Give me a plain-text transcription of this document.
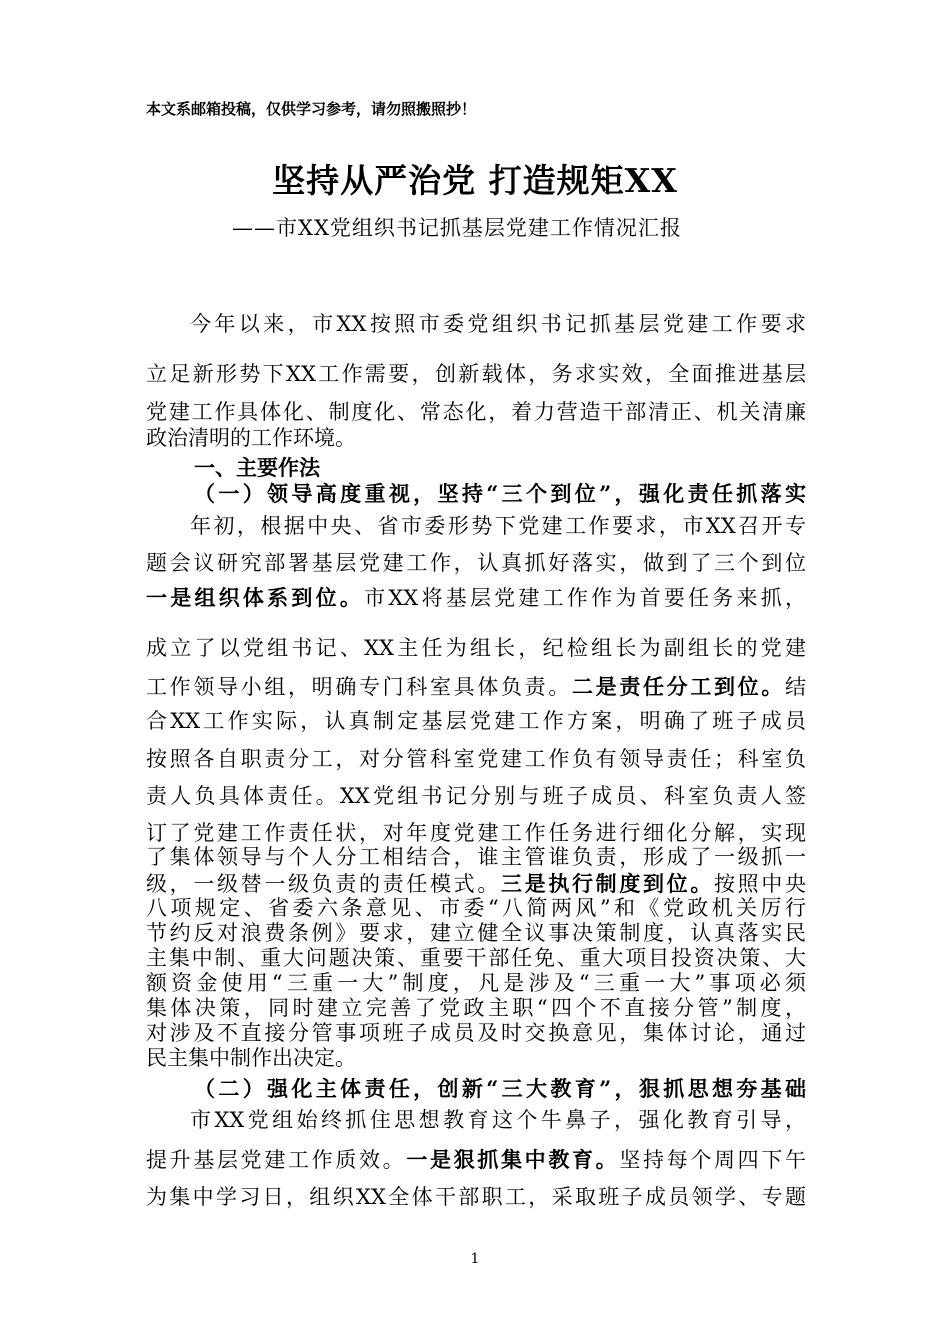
本文系邮箱投稿，仅供学习参考，请勿照搬照抄！
坚持从严治党 打造规矩XX
——市XX党组织书记抓基层党建工作情况汇报
今年以来，市XX按照市委党组织书记抓基层党建工作要求
立足新形势下XX工作需要，创新载体，务求实效，全面推进基层
党建工作具体化、制度化、常态化，着力营造干部清正、机关清廉
政治清明的工作环境。
一、主要作法
（一）领导高度重视，坚持“三个到位”，强化责任抓落实
年初，根据中央、省市委形势下党建工作要求，市XX召开专
题会议研究部署基层党建工作，认真抓好落实，做到了三个到位
一是组织体系到位。市XX将基层党建工作作为首要任务来抓，
成立了以党组书记、XX主任为组长，纪检组长为副组长的党建
工作领导小组，明确专门科室具体负责。二是责任分工到位。结
合XX工作实际，认真制定基层党建工作方案，明确了班子成员
按照各自职责分工，对分管科室党建工作负有领导责任；科室负
责人负具体责任。XX党组书记分别与班子成员、科室负责人签
订了党建工作责任状，对年度党建工作任务进行细化分解，实现
了集体领导与个人分工相结合，谁主管谁负责，形成了一级抓一
级，一级替一级负责的责任模式。三是执行制度到位。按照中央
八项规定、省委六条意见、市委“八简两风”和《党政机关厉行
节约反对浪费条例》要求，建立健全议事决策制度，认真落实民
主集中制、重大问题决策、重要干部任免、重大项目投资决策、大
额资金使用“三重一大”制度，凡是涉及“三重一大”事项必须
集体决策，同时建立完善了党政主职“四个不直接分管”制度，
对涉及不直接分管事项班子成员及时交换意见，集体讨论，通过
民主集中制作出决定。
（二）强化主体责任，创新“三大教育”，狠抓思想夯基础
市XX党组始终抓住思想教育这个牛鼻子，强化教育引导，
提升基层党建工作质效。一是狠抓集中教育。坚持每个周四下午
为集中学习日，组织XX全体干部职工，采取班子成员领学、专题
1
